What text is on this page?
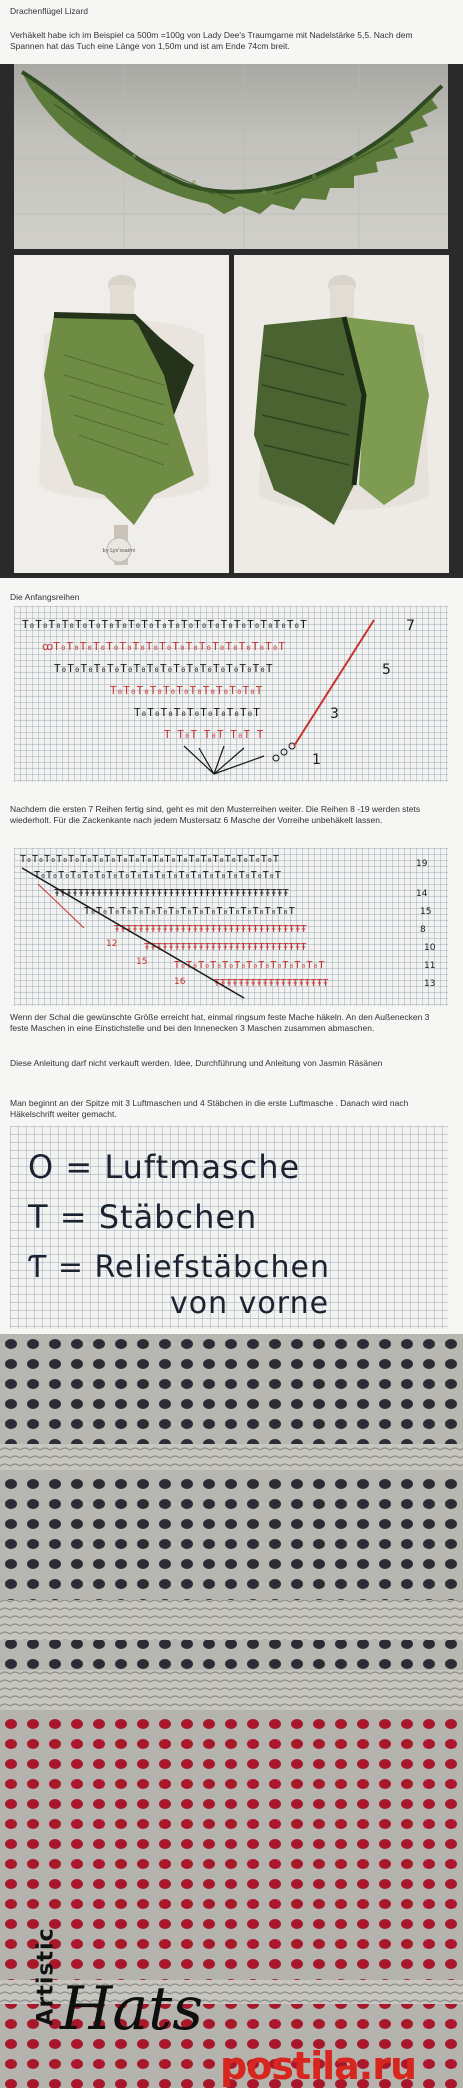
Drachenflügel Lizard
Verhäkelt habe ich im Beispiel ca 500m =100g von Lady Dee's Traumgarne mit Nadelstärke 5,5. Nach dem Spannen hat das Tuch eine Länge von 1,50m und ist am Ende 74cm breit.
by Lys'ssaimi
Die Anfangsreihen
T₀T₀T₀T₀T₀T₀T₀T₀T₀T₀T₀T₀T₀T₀T₀T₀T₀T₀T₀T₀T₀T
ꝏT₀T₀T₀T₀T₀T₀T₀T₀T₀T₀T₀T₀T₀T₀T₀T₀T₀T
T₀T₀T₀T₀T₀T₀T₀T₀T₀T₀T₀T₀T₀T₀T₀T₀T
T₀T₀T₀T₀T₀T₀T₀T₀T₀T₀T₀T
T₀T₀T₀T₀T₀T₀T₀T₀T₀T
T T₀T T₀T T₀T T
7
5
3
1
Nachdem die ersten 7 Reihen fertig sind, geht es mit den Musterreihen weiter. Die Reihen 8 -19 werden stets wiederholt. Für die Zackenkante nach jedem Mustersatz 6 Masche der Vorreihe unbehäkelt lassen.
T₀T₀T₀T₀T₀T₀T₀T₀T₀T₀T₀T₀T₀T₀T₀T₀T₀T₀T₀T₀T₀T
T₀T₀T₀T₀T₀T₀T₀T₀T₀T₀T₀T₀T₀T₀T₀T₀T₀T₀T₀T₀T
ŦŦŦŦŦŦŦŦŦŦŦŦŦŦŦŦŦŦŦŦŦŦŦŦŦŦŦŦŦŦŦŦŦŦŦŦŦŦŦ
T₀T₀T₀T₀T₀T₀T₀T₀T₀T₀T₀T₀T₀T₀T₀T₀T₀T
ŦŦŦŦŦŦŦŦŦŦŦŦŦŦŦŦŦŦŦŦŦŦŦŦŦŦŦŦŦŦŦŦ
ŦŦŦŦŦŦŦŦŦŦŦŦŦŦŦŦŦŦŦŦŦŦŦŦŦŦŦ
T₀T₀T₀T₀T₀T₀T₀T₀T₀T₀T₀T₀T
ŦŦŦŦŦŦŦŦŦŦŦŦŦŦŦŦŦŦŦ
19
14
15
8
10
11
13
12
15
16
Wenn der Schal die gewünschte Größe erreicht hat, einmal ringsum feste Mache häkeln. An den Außenecken 3 feste Maschen in eine Einstichstelle und bei den Innenecken 3 Maschen zusammen abmaschen.
Diese Anleitung darf nicht verkauft werden. Idee, Durchführung und Anleitung von Jasmin Räsänen
Man beginnt an der Spitze mit 3 Luftmaschen und 4 Stäbchen in die erste Luftmasche . Danach wird nach Häkelschrift weiter gemacht.
O = Luftmasche
T = Stäbchen
Ƭ = Reliefstäbchen
von vorne
Artistic Hats
postila.ru
